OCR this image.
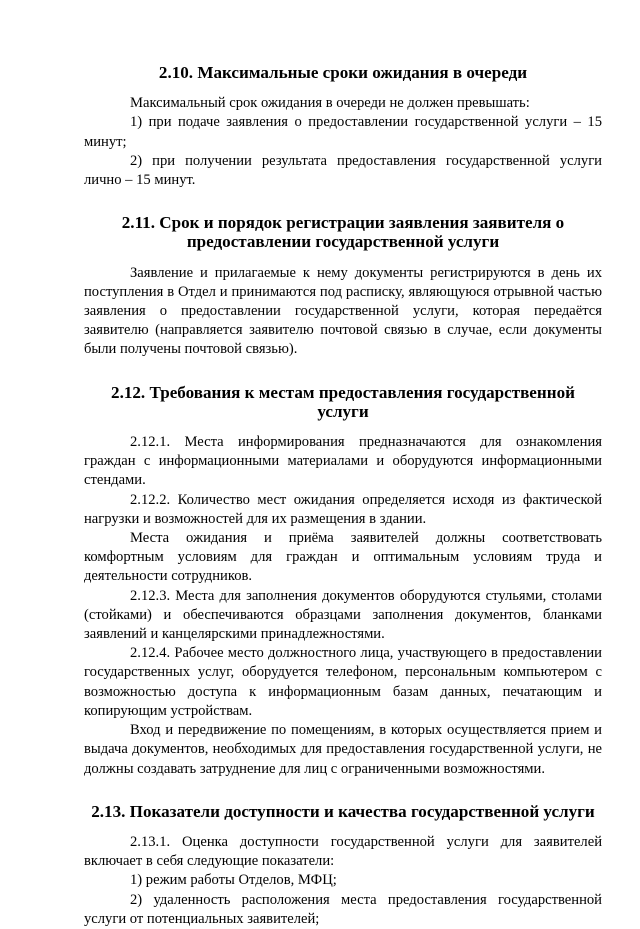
2.10. Максимальные сроки ожидания в очереди

Максимальный срок ожидания в очереди не должен превышать:

1) при подаче заявления о предоставлении государственной услуги – 15 минут;

2) при получении результата предоставления государственной услуги лично – 15 минут.

2.11. Срок и порядок регистрации заявления заявителя о предоставлении государственной услуги

Заявление и прилагаемые к нему документы регистрируются в день их поступления в Отдел и принимаются под расписку, являющуюся отрывной частью заявления о предоставлении государственной услуги, которая передаётся заявителю (направляется заявителю почтовой связью в случае, если документы были получены почтовой связью).

2.12. Требования к местам предоставления государственной услуги

2.12.1. Места информирования предназначаются для ознакомления граждан с информационными материалами и оборудуются информационными стендами.

2.12.2. Количество мест ожидания определяется исходя из фактической нагрузки и возможностей для их размещения в здании.

Места ожидания и приёма заявителей должны соответствовать комфортным условиям для граждан и оптимальным условиям труда и деятельности сотрудников.

2.12.3. Места для заполнения документов оборудуются стульями, столами (стойками) и обеспечиваются образцами заполнения документов, бланками заявлений и канцелярскими принадлежностями.

2.12.4. Рабочее место должностного лица, участвующего в предоставлении государственных услуг, оборудуется телефоном, персональным компьютером с возможностью доступа к информационным базам данных, печатающим и копирующим устройствам.

Вход и передвижение по помещениям, в которых осуществляется прием и выдача документов, необходимых для предоставления государственной услуги, не должны создавать затруднение для лиц с ограниченными возможностями.

2.13. Показатели доступности и качества государственной услуги

2.13.1. Оценка доступности государственной услуги для заявителей включает в себя следующие показатели:

1) режим работы Отделов, МФЦ;

2) удаленность расположения места предоставления государственной услуги от потенциальных заявителей;
